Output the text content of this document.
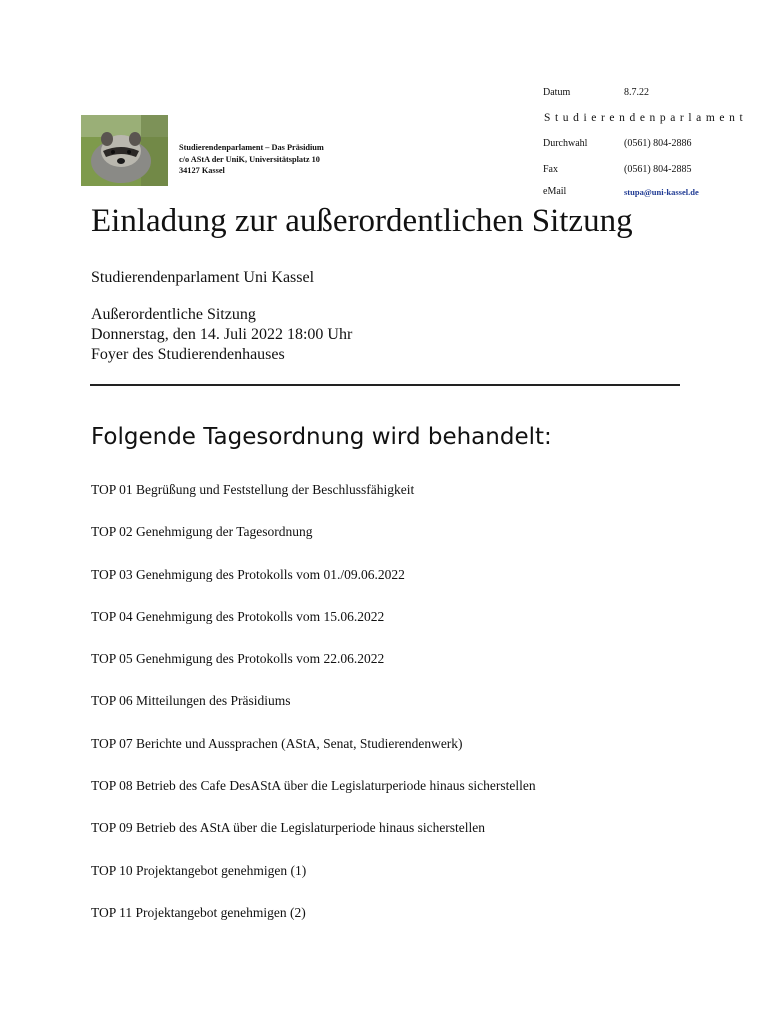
Studierendenparlament – Das Präsidium
c/o AStA der UniK, Universitätsplatz 10
34127 Kassel
Datum	8.7.22
Studierendenparlament
Durchwahl	(0561) 804-2886
Fax	(0561) 804-2885
eMail	stupa@uni-kassel.de
Einladung zur außerordentlichen Sitzung
Studierendenparlament Uni Kassel
Außerordentliche Sitzung
Donnerstag, den 14. Juli 2022 18:00 Uhr
Foyer des Studierendenhauses
Folgende Tagesordnung wird behandelt:
TOP 01 Begrüßung und Feststellung der Beschlussfähigkeit
TOP 02 Genehmigung der Tagesordnung
TOP 03 Genehmigung des Protokolls vom 01./09.06.2022
TOP 04 Genehmigung des Protokolls vom 15.06.2022
TOP 05 Genehmigung des Protokolls vom 22.06.2022
TOP 06 Mitteilungen des Präsidiums
TOP 07 Berichte und Aussprachen (AStA, Senat, Studierendenwerk)
TOP 08 Betrieb des Cafe DesAStA über die Legislaturperiode hinaus sicherstellen
TOP 09 Betrieb des AStA über die Legislaturperiode hinaus sicherstellen
TOP 10 Projektangebot genehmigen (1)
TOP 11 Projektangebot genehmigen (2)
